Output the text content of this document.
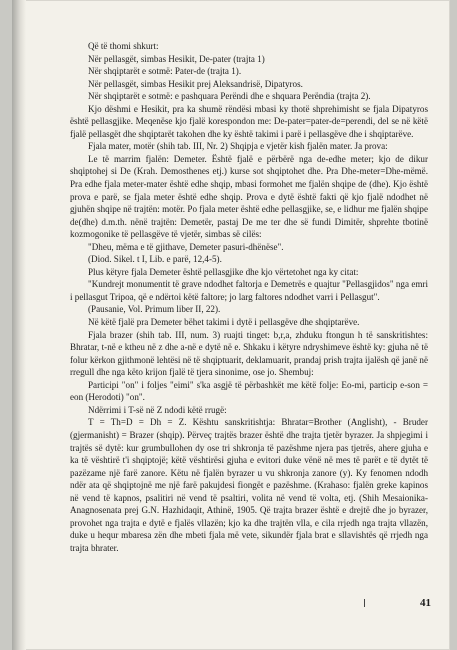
Që të thomi shkurt:

Nër pellasgët, simbas Hesikit, De-pater (trajta 1)

Nër shqiptarët e sotmë: Pater-de (trajta 1).

Nër pellasgët, simbas Hesikit prej Aleksandrisë, Dipatyros.

Nër shqiptarët e sotmë: e pashquara Perëndi dhe e shquara Perëndia (trajta 2).

Kjo dëshmi e Hesikit, pra ka shumë rëndësi mbasi ky thotë shprehimisht se fjala Dipatyros është pellasgjike. Meqenëse kjo fjalë korespondon me: De-pater=pater-de=perendi, del se në këtë fjalë pellasgët dhe shqiptarët takohen dhe ky është takimi i parë i pellasgëve dhe i shqiptarëve.

Fjala mater, motër (shih tab. III, Nr. 2) Shqipja e vjetër kish fjalën mater. Ja prova:

Le të marrim fjalën: Demeter. Është fjalë e përbërë nga de-edhe meter; kjo de dikur shqiptohej si De (Krah. Demosthenes etj.) kurse sot shqiptohet dhe. Pra Dhe-meter=Dhe-mëmë. Pra edhe fjala meter-mater është edhe shqip, mbasi formohet me fjalën shqipe de (dhe). Kjo është prova e parë, se fjala meter është edhe shqip. Prova e dytë është fakti që kjo fjalë ndodhet në gjuhën shqipe në trajtën: motër. Po fjala meter është edhe pellasgjike, se, e lidhur me fjalën shqipe de(dhe) d.m.th. nënë trajtën: Demetër, pastaj De me ter dhe së fundi Dimitër, shprehte tbotinë kozmogonike të pellasgëve të vjetër, simbas së cilës:

"Dheu, mëma e të gjithave, Demeter pasuri-dhënëse".

(Diod. Sikel. t I, Lib. e parë, 12,4-5).

Plus këtyre fjala Demeter është pellasgjike dhe kjo vërtetohet nga ky citat:

"Kundrejt monumentit të grave ndodhet faltorja e Demetrës e quajtur "Pellasgjidos" nga emri i pellasgut Tripoa, që e ndërtoi këtë faltore; jo larg faltores ndodhet varri i Pellasgut".

(Pausanie, Vol. Primum liber II, 22).

Në këtë fjalë pra Demeter bëhet takimi i dytë i pellasgëve dhe shqiptarëve.

Fjala brazer (shih tab. III, num. 3) ruajti tinget: b,r,a, zhduku ftongun h të sanskritishtes: Bhratar, t-në e ktheu në z dhe a-në e dytë në e. Shkaku i këtyre ndryshimeve është ky: gjuha në të folur kërkon gjithmonë lehtësi në të shqiptuarit, deklamuarit, prandaj prish trajta ijalësh që janë në rregull dhe nga këto krijon fjalë të tjera sinonime, ose jo. Shembuj:

Participi "on" i foljes "eimi" s'ka asgjë të përbashkët me këtë folje: Eo-mi, particip e-son = eon (Herodoti) "on".

Ndërrimi i T-së në Z ndodi këtë rrugë:

T = Th=D = Dh = Z. Kështu sanskritishtja: Bhratar=Brother (Anglisht), - Bruder (gjermanisht) = Brazer (shqip). Përveç trajtës brazer është dhe trajta tjetër byrazer. Ja shpjegimi i trajtës së dytë: kur grumbullohen dy ose tri shkronja të pazëshme njera pas tjetrës, ahere gjuha e ka të vështirë t'i shqiptojë; këtë vështirësi gjuha e evitori duke vënë në mes të parët e të dytët të pazëzame një farë zanore. Këtu në fjalën byrazer u vu shkronja zanore (y). Ky fenomen ndodh ndër ata që shqiptojnë me një farë pakujdesi fiongët e pazëshme. (Krahaso: fjalën greke kapinos në vend të kapnos, psalitiri në vend të psaltiri, volita në vend të volta, etj. (Shih Mesaionika-Anagnosenata prej G.N. Hazhidaqit, Athinë, 1905. Që trajta brazer është e drejtë dhe jo byrazer, provohet nga trajta e dytë e fjalës vllazën; kjo ka dhe trajtën vlla, e cila rrjedh nga trajta vllazën, duke u hequr mbaresa zën dhe mbeti fjala më vete, sikundër fjala brat e sllavishtës që rrjedh nga trajta bhrater.

41
